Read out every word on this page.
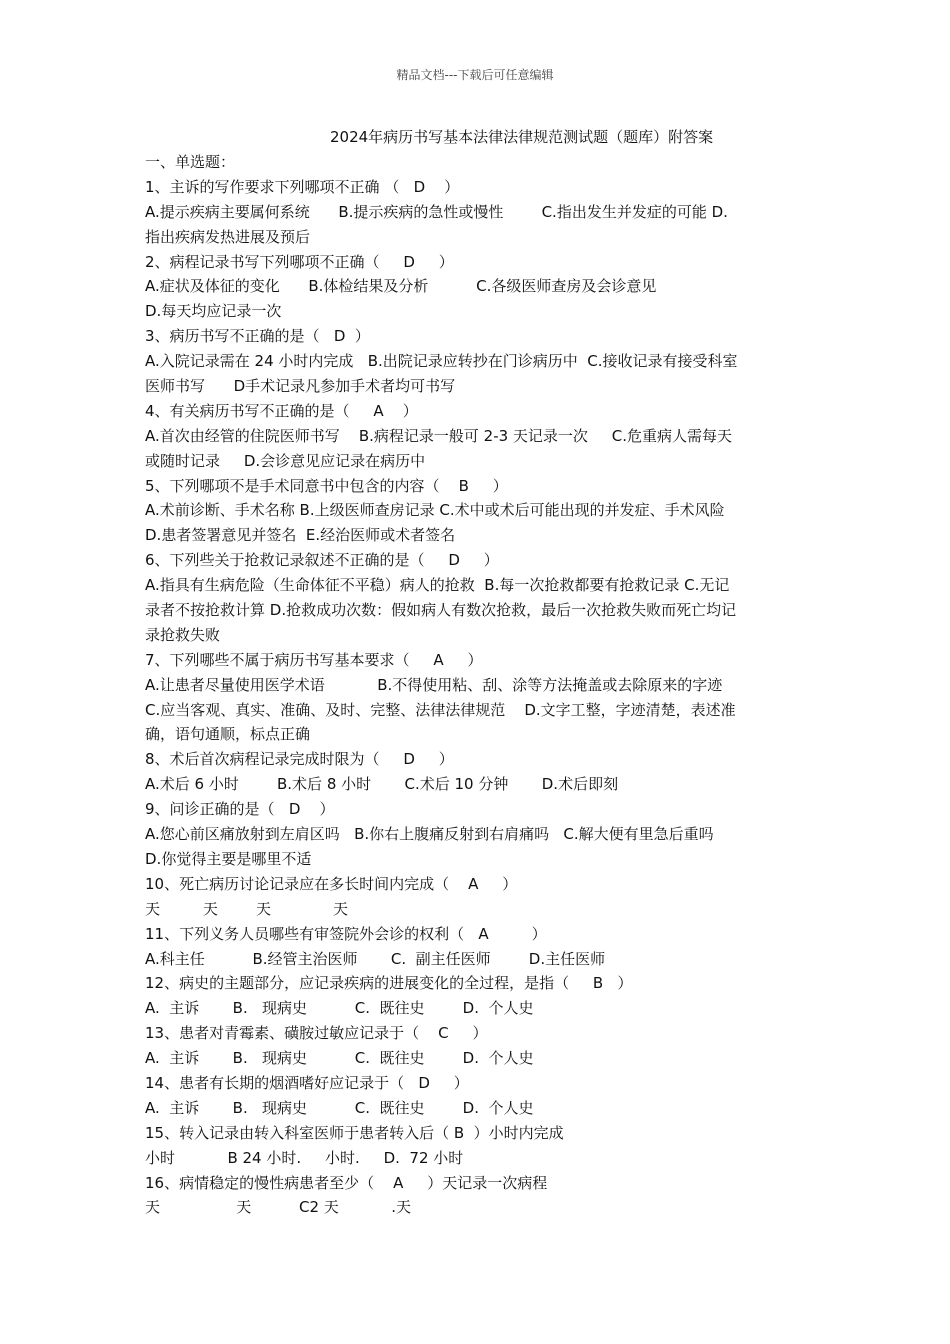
精品文档---下载后可任意编辑
2024年病历书写基本法律法律规范测试题（题库）附答案
一、单选题：
1、主诉的写作要求下列哪项不正确 （   D    ）
A.提示疾病主要属何系统      B.提示疾病的急性或慢性        C.指出发生并发症的可能 D.
指出疾病发热进展及预后
2、病程记录书写下列哪项不正确（     D     ）
A.症状及体征的变化      B.体检结果及分析          C.各级医师查房及会诊意见
D.每天均应记录一次
3、病历书写不正确的是（   D  ）
A.入院记录需在 24 小时内完成   B.出院记录应转抄在门诊病历中  C.接收记录有接受科室
医师书写      D手术记录凡参加手术者均可书写
4、有关病历书写不正确的是（     A    ）
A.首次由经管的住院医师书写    B.病程记录一般可 2-3 天记录一次     C.危重病人需每天
或随时记录     D.会诊意见应记录在病历中
5、下列哪项不是手术同意书中包含的内容（    B     ）
A.术前诊断、手术名称 B.上级医师查房记录 C.术中或术后可能出现的并发症、手术风险
D.患者签署意见并签名  E.经治医师或术者签名
6、下列些关于抢救记录叙述不正确的是（     D     ）
A.指具有生病危险（生命体征不平稳）病人的抢救  B.每一次抢救都要有抢救记录 C.无记
录者不按抢救计算 D.抢救成功次数：假如病人有数次抢救，最后一次抢救失败而死亡均记
录抢救失败
7、下列哪些不属于病历书写基本要求（     A     ）
A.让患者尽量使用医学术语           B.不得使用粘、刮、涂等方法掩盖或去除原来的字迹
C.应当客观、真实、准确、及时、完整、法律法律规范    D.文字工整，字迹清楚，表述准
确，语句通顺，标点正确
8、术后首次病程记录完成时限为（     D     ）
A.术后 6 小时        B.术后 8 小时       C.术后 10 分钟       D.术后即刻
9、问诊正确的是（   D    ）
A.您心前区痛放射到左肩区吗   B.你右上腹痛反射到右肩痛吗   C.解大便有里急后重吗
D.你觉得主要是哪里不适
10、死亡病历讨论记录应在多长时间内完成（    A     ）
天         天        天             天
11、下列义务人员哪些有审签院外会诊的权利（   A         ）
A.科主任          B.经管主治医师       C.  副主任医师        D.主任医师
12、病史的主题部分，应记录疾病的进展变化的全过程，是指（     B   ）
A.  主诉       B.   现病史          C.  既往史        D.  个人史
13、患者对青霉素、磺胺过敏应记录于（    C     ）
A.  主诉       B.   现病史          C.  既往史        D.  个人史
14、患者有长期的烟酒嗜好应记录于（   D     ）
A.  主诉       B.   现病史          C.  既往史        D.  个人史
15、转入记录由转入科室医师于患者转入后（ B  ）小时内完成
小时           B 24 小时.     小时.     D.  72 小时
16、病情稳定的慢性病患者至少（    A     ）天记录一次病程
天                天          C2 天           .天
